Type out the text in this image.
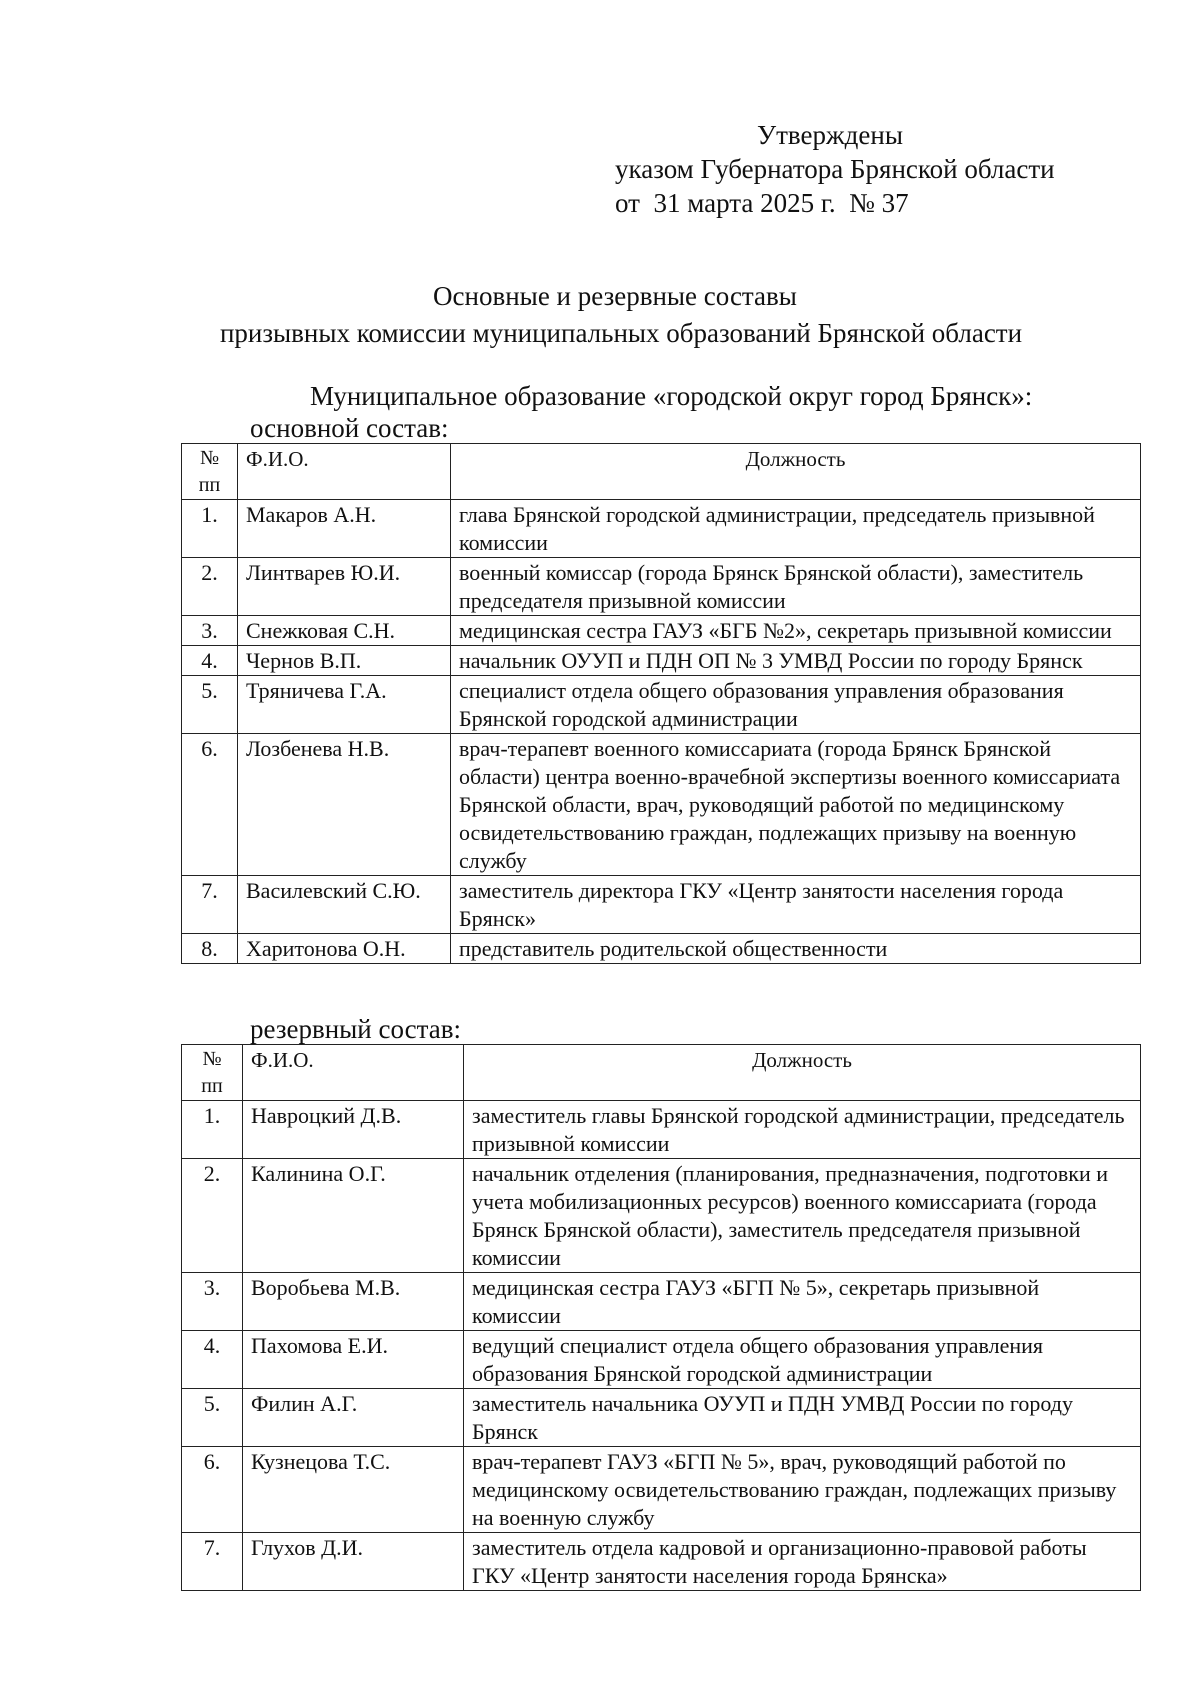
Утверждены
указом Губернатора Брянской области
от  31 марта 2025 г.  № 37
Основные и резервные составы
призывных комиссии муниципальных образований Брянской области
Муниципальное образование «городской округ город Брянск»:
основной состав:
№ пп	Ф.И.О.	Должность
1.	Макаров А.Н.	глава Брянской городской администрации, председатель призывной комиссии
2.	Линтварев Ю.И.	военный комиссар (города Брянск Брянской области), заместитель председателя призывной комиссии
3.	Снежковая С.Н.	медицинская сестра ГАУЗ «БГБ №2», секретарь призывной комиссии
4.	Чернов В.П.	начальник ОУУП и ПДН ОП № 3 УМВД России по городу Брянск
5.	Тряничева Г.А.	специалист отдела общего образования управления образования Брянской городской администрации
6.	Лозбенева Н.В.	врач-терапевт военного комиссариата (города Брянск Брянской области) центра военно-врачебной экспертизы военного комиссариата Брянской области, врач, руководящий работой по медицинскому освидетельствованию граждан, подлежащих призыву на военную службу
7.	Василевский С.Ю.	заместитель директора ГКУ «Центр занятости населения города Брянск»
8.	Харитонова О.Н.	представитель родительской общественности
резервный состав:
№ пп	Ф.И.О.	Должность
1.	Навроцкий Д.В.	заместитель главы Брянской городской администрации, председатель призывной комиссии
2.	Калинина О.Г.	начальник отделения (планирования, предназначения, подготовки и учета мобилизационных ресурсов) военного комиссариата (города Брянск Брянской области), заместитель председателя призывной комиссии
3.	Воробьева М.В.	медицинская сестра ГАУЗ «БГП № 5», секретарь призывной комиссии
4.	Пахомова Е.И.	ведущий специалист отдела общего образования управления образования Брянской городской администрации
5.	Филин А.Г.	заместитель начальника ОУУП и ПДН УМВД России по городу Брянск
6.	Кузнецова Т.С.	врач-терапевт ГАУЗ «БГП № 5», врач, руководящий работой по медицинскому освидетельствованию граждан, подлежащих призыву на военную службу
7.	Глухов Д.И.	заместитель отдела кадровой и организационно-правовой работы ГКУ «Центр занятости населения города Брянска»
